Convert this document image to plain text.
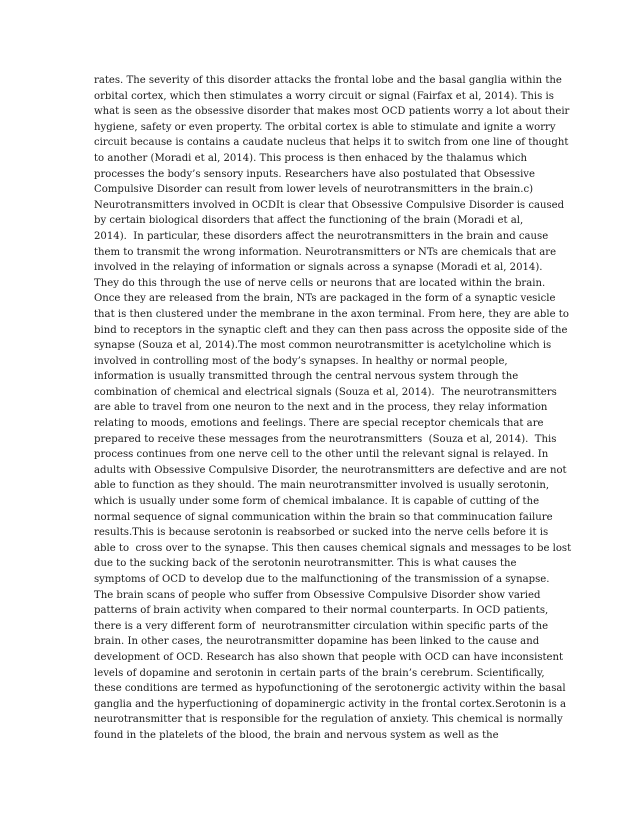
rates. The severity of this disorder attacks the frontal lobe and the basal ganglia within the
orbital cortex, which then stimulates a worry circuit or signal (Fairfax et al, 2014). This is
what is seen as the obsessive disorder that makes most OCD patients worry a lot about their
hygiene, safety or even property. The orbital cortex is able to stimulate and ignite a worry
circuit because is contains a caudate nucleus that helps it to switch from one line of thought
to another (Moradi et al, 2014). This process is then enhaced by the thalamus which
processes the body’s sensory inputs. Researchers have also postulated that Obsessive
Compulsive Disorder can result from lower levels of neurotransmitters in the brain.c)
Neurotransmitters involved in OCDIt is clear that Obsessive Compulsive Disorder is caused
by certain biological disorders that affect the functioning of the brain (Moradi et al,
2014).  In particular, these disorders affect the neurotransmitters in the brain and cause
them to transmit the wrong information. Neurotransmitters or NTs are chemicals that are
involved in the relaying of information or signals across a synapse (Moradi et al, 2014).
They do this through the use of nerve cells or neurons that are located within the brain.
Once they are released from the brain, NTs are packaged in the form of a synaptic vesicle
that is then clustered under the membrane in the axon terminal. From here, they are able to
bind to receptors in the synaptic cleft and they can then pass across the opposite side of the
synapse (Souza et al, 2014).The most common neurotransmitter is acetylcholine which is
involved in controlling most of the body’s synapses. In healthy or normal people,
information is usually transmitted through the central nervous system through the
combination of chemical and electrical signals (Souza et al, 2014).  The neurotransmitters
are able to travel from one neuron to the next and in the process, they relay information
relating to moods, emotions and feelings. There are special receptor chemicals that are
prepared to receive these messages from the neurotransmitters  (Souza et al, 2014).  This
process continues from one nerve cell to the other until the relevant signal is relayed. In
adults with Obsessive Compulsive Disorder, the neurotransmitters are defective and are not
able to function as they should. The main neurotransmitter involved is usually serotonin,
which is usually under some form of chemical imbalance. It is capable of cutting of the
normal sequence of signal communication within the brain so that comminucation failure
results.This is because serotonin is reabsorbed or sucked into the nerve cells before it is
able to  cross over to the synapse. This then causes chemical signals and messages to be lost
due to the sucking back of the serotonin neurotransmitter. This is what causes the
symptoms of OCD to develop due to the malfunctioning of the transmission of a synapse.
The brain scans of people who suffer from Obsessive Compulsive Disorder show varied
patterns of brain activity when compared to their normal counterparts. In OCD patients,
there is a very different form of  neurotransmitter circulation within specific parts of the
brain. In other cases, the neurotransmitter dopamine has been linked to the cause and
development of OCD. Research has also shown that people with OCD can have inconsistent
levels of dopamine and serotonin in certain parts of the brain’s cerebrum. Scientifically,
these conditions are termed as hypofunctioning of the serotonergic activity within the basal
ganglia and the hyperfuctioning of dopaminergic activity in the frontal cortex.Serotonin is a
neurotransmitter that is responsible for the regulation of anxiety. This chemical is normally
found in the platelets of the blood, the brain and nervous system as well as the
